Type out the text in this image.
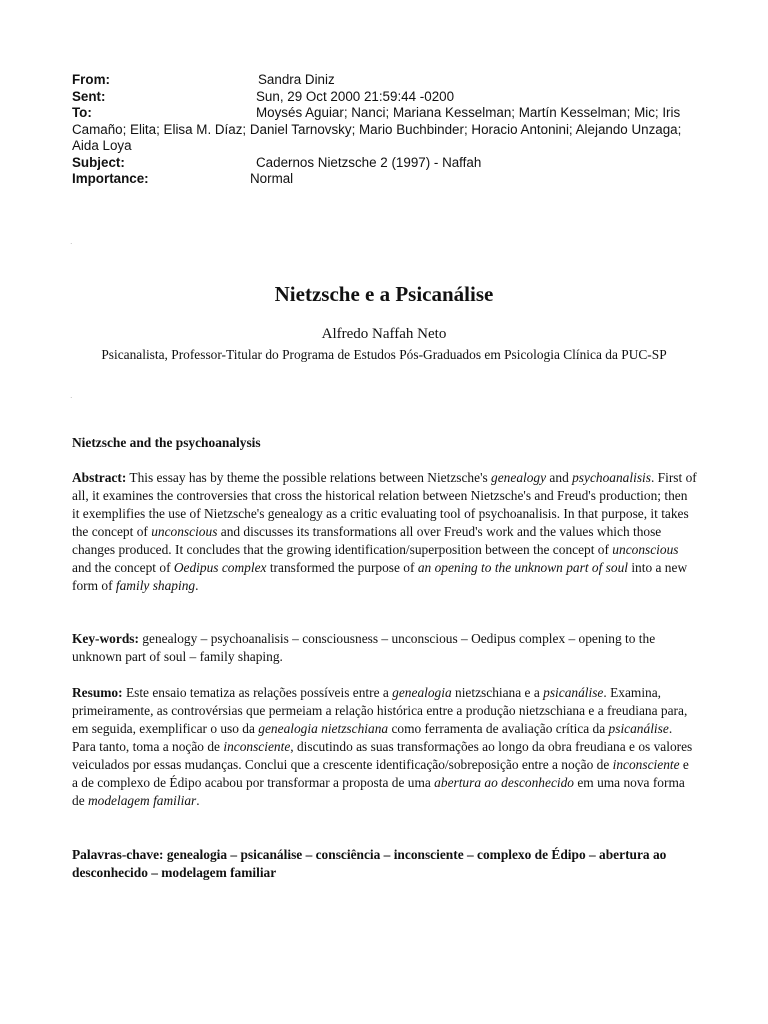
From:	Sandra Diniz
Sent:	Sun, 29 Oct 2000 21:59:44 -0200
To:	Moysés Aguiar; Nanci; Mariana Kesselman; Martín Kesselman; Mic; Iris Camaño; Elita; Elisa M. Díaz; Daniel Tarnovsky; Mario Buchbinder; Horacio Antonini; Alejando Unzaga; Aida Loya
Subject:	Cadernos Nietzsche 2 (1997) - Naffah
Importance:	Normal
.
.
Nietzsche e a Psicanálise
Alfredo Naffah Neto
Psicanalista, Professor-Titular do Programa de Estudos Pós-Graduados em Psicologia Clínica da PUC-SP
Nietzsche and the psychoanalysis
Abstract: This essay has by theme the possible relations between Nietzsche's genealogy and psychoanalisis. First of all, it examines the controversies that cross the historical relation between Nietzsche's and Freud's production; then it exemplifies the use of Nietzsche's genealogy as a critic evaluating tool of psychoanalisis. In that purpose, it takes the concept of unconscious and discusses its transformations all over Freud's work and the values which those changes produced. It concludes that the growing identification/superposition between the concept of unconscious and the concept of Oedipus complex transformed the purpose of an opening to the unknown part of soul into a new form of family shaping.
Key-words: genealogy – psychoanalisis – consciousness – unconscious – Oedipus complex – opening to the unknown part of soul – family shaping.
Resumo: Este ensaio tematiza as relações possíveis entre a genealogia nietzschiana e a psicanálise. Examina, primeiramente, as controvérsias que permeiam a relação histórica entre a produção nietzschiana e a freudiana para, em seguida, exemplificar o uso da genealogia nietzschiana como ferramenta de avaliação crítica da psicanálise. Para tanto, toma a noção de inconsciente, discutindo as suas transformações ao longo da obra freudiana e os valores veiculados por essas mudanças. Conclui que a crescente identificação/sobreposição entre a noção de inconsciente e a de complexo de Édipo acabou por transformar a proposta de uma abertura ao desconhecido em uma nova forma de modelagem familiar.
Palavras-chave: genealogia – psicanálise – consciência – inconsciente – complexo de Édipo – abertura ao desconhecido – modelagem familiar
